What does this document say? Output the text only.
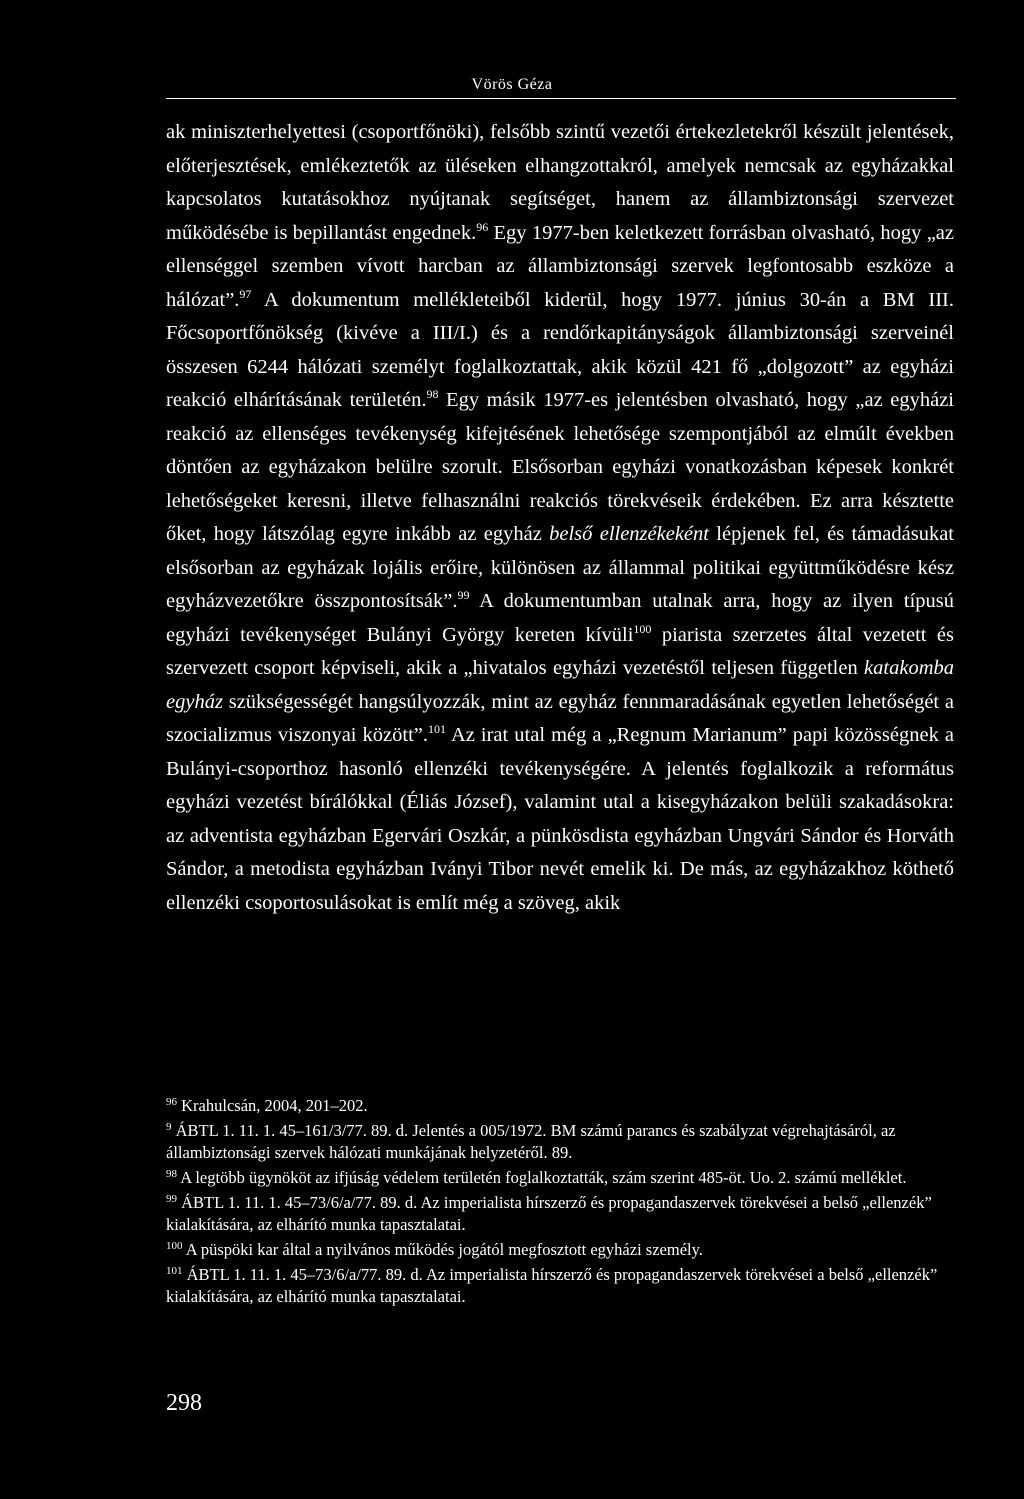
Vörös Géza

ak miniszterhelyettesi (csoportfőnöki), felsőbb szintű vezetői értekezletekről készült jelentések, előterjesztések, emlékeztetők az üléseken elhangzottakról, amelyek nemcsak az egyházakkal kapcsolatos kutatásokhoz nyújtanak segítséget, hanem az állambiztonsági szervezet működésébe is bepillantást engednek.$^{96}$ Egy 1977-ben keletkezett forrásban olvasható, hogy „az ellenséggel szemben vívott harcban az állambiztonsági szervek legfontosabb eszköze a hálózat”.$^{97}$ A dokumentum mellékleteiből kiderül, hogy 1977. június 30-án a BM III. Főcsoportfőnökség (kivéve a III/I.) és a rendőrkapitányságok állambiztonsági szerveinél összesen 6244 hálózati személyt foglalkoztattak, akik közül 421 fő „dolgozott” az egyházi reakció elhárításának területén.$^{98}$ Egy másik 1977-es jelentésben olvasható, hogy „az egyházi reakció az ellenséges tevékenység kifejtésének lehetősége szempontjából az elmúlt években döntően az egyházakon belülre szorult. Elsősorban egyházi vonatkozásban képesek konkrét lehetőségeket keresni, illetve felhasználni reakciós törekvéseik érdekében. Ez arra késztette őket, hogy látszólag egyre inkább az egyház belső ellenzékeként lépjenek fel, és támadásukat elsősorban az egyházak lojális erőire, különösen az állammal politikai együttműködésre kész egyházvezetőkre összpontosítsák”.$^{99}$ A dokumentumban utalnak arra, hogy az ilyen típusú egyházi tevékenységet Bulányi György kereten kívüli$^{100}$ piarista szerzetes által vezetett és szervezett csoport képviseli, akik a „hivatalos egyházi vezetéstől teljesen független katakomba egyház szükségességét hangsúlyozzák, mint az egyház fennmaradásának egyetlen lehetőségét a szocializmus viszonyai között”.$^{101}$ Az irat utal még a „Regnum Marianum” papi közösségnek a Bulányi-csoporthoz hasonló ellenzéki tevékenységére. A jelentés foglalkozik a református egyházi vezetést bírálókkal (Éliás József), valamint utal a kisegyházakon belüli szakadásokra: az adventista egyházban Egervári Oszkár, a pünkösdista egyházban Ungvári Sándor és Horváth Sándor, a metodista egyházban Iványi Tibor nevét emelik ki. De más, az egyházakhoz köthető ellenzéki csoportosulásokat is említ még a szöveg, akik

$^{96}$ Krahulcsán, 2004, 201–202.

$^9$ ÁBTL 1. 11. 1. 45–161/3/77. 89. d. Jelentés a 005/1972. BM számú parancs és szabályzat végrehajtásáról, az állambiztonsági szervek hálózati munkájának helyzetéről. 89.

$^{98}$ A legtöbb ügynököt az ifjúság védelem területén foglalkoztatták, szám szerint 485-öt. Uo. 2. számú melléklet.

$^{99}$ ÁBTL 1. 11. 1. 45–73/6/a/77. 89. d. Az imperialista hírszerző és propagandaszervek törekvései a belső „ellenzék” kialakítására, az elhárító munka tapasztalatai.

$^{100}$ A püspöki kar által a nyilvános működés jogától megfosztott egyházi személy.

$^{101}$ ÁBTL 1. 11. 1. 45–73/6/a/77. 89. d. Az imperialista hírszerző és propagandaszervek törekvései a belső „ellenzék” kialakítására, az elhárító munka tapasztalatai.

298
